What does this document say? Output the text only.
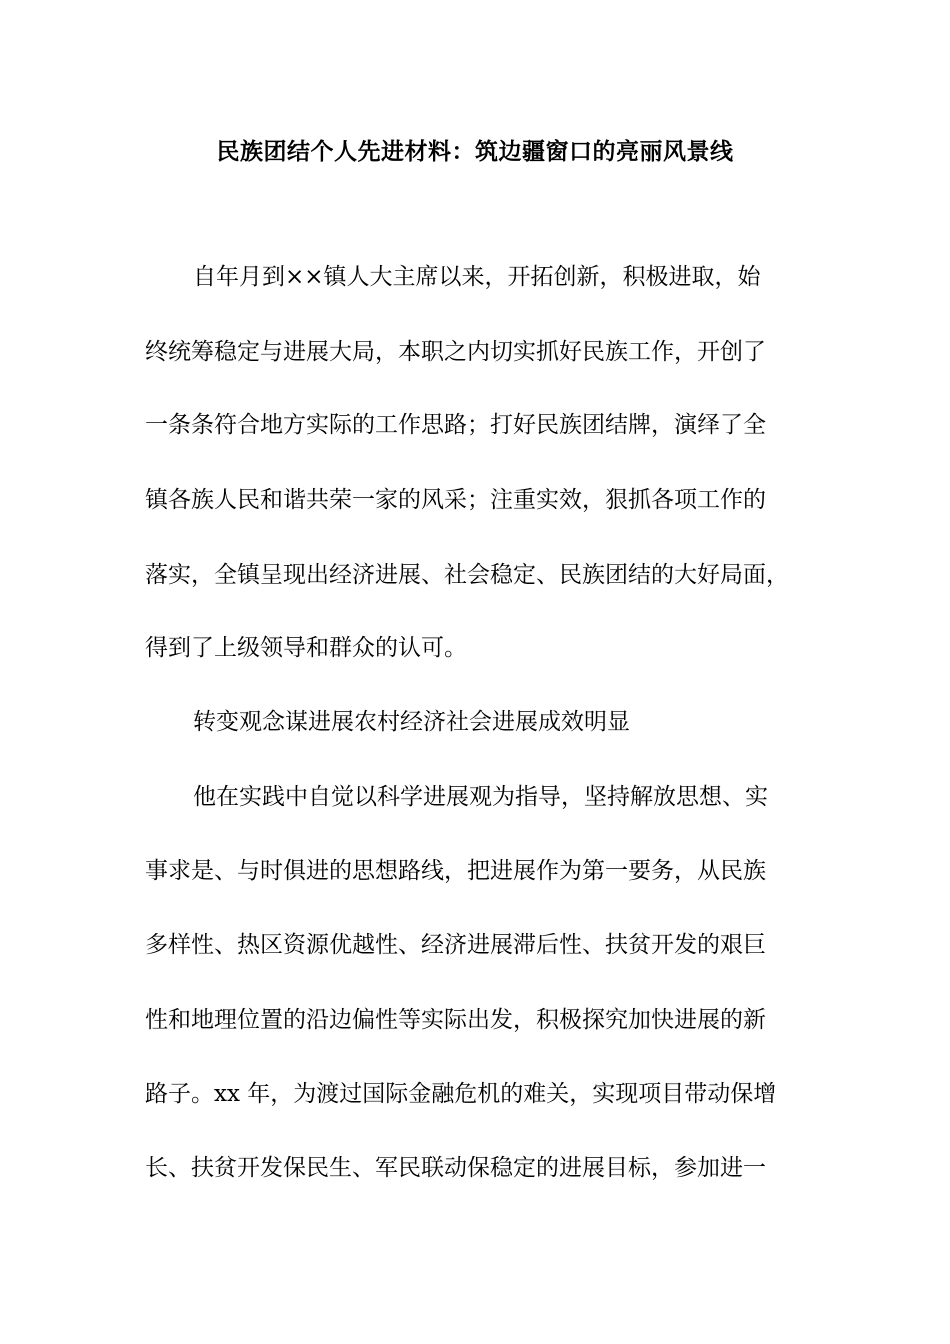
民族团结个人先进材料：筑边疆窗口的亮丽风景线
自年月到××镇人大主席以来，开拓创新，积极进取，始
终统筹稳定与进展大局，本职之内切实抓好民族工作，开创了
一条条符合地方实际的工作思路；打好民族团结牌，演绎了全
镇各族人民和谐共荣一家的风采；注重实效，狠抓各项工作的
落实，全镇呈现出经济进展、社会稳定、民族团结的大好局面，
得到了上级领导和群众的认可。
转变观念谋进展农村经济社会进展成效明显
他在实践中自觉以科学进展观为指导，坚持解放思想、实
事求是、与时俱进的思想路线，把进展作为第一要务，从民族
多样性、热区资源优越性、经济进展滞后性、扶贫开发的艰巨
性和地理位置的沿边偏性等实际出发，积极探究加快进展的新
路子。xx 年，为渡过国际金融危机的难关，实现项目带动保增
长、扶贫开发保民生、军民联动保稳定的进展目标，参加进一
